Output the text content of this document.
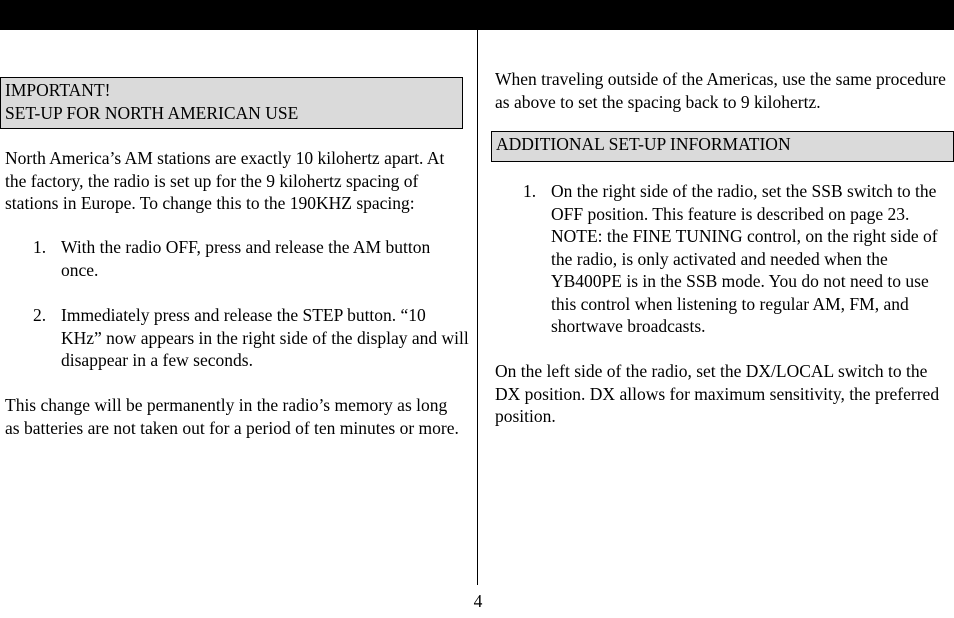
IMPORTANT!
SET-UP FOR NORTH AMERICAN USE

North America’s AM stations are exactly 10 kilohertz apart. At the factory, the radio is set up for the 9 kilohertz spacing of stations in Europe. To change this to the 190KHZ spacing:

1. With the radio OFF, press and release the AM button once.

2. Immediately press and release the STEP button. “10 KHz” now appears in the right side of the display and will disappear in a few seconds.

This change will be permanently in the radio’s memory as long as batteries are not taken out for a period of ten minutes or more.

When traveling outside of the Americas, use the same procedure as above to set the spacing back to 9 kilohertz.

ADDITIONAL SET-UP INFORMATION
1. On the right side of the radio, set the SSB switch to the OFF position. This feature is described on page 23. NOTE: the FINE TUNING control, on the right side of the radio, is only activated and needed when the YB400PE is in the SSB mode. You do not need to use this control when listening to regular AM, FM, and shortwave broadcasts.

On the left side of the radio, set the DX/LOCAL switch to the DX position. DX allows for maximum sensitivity, the preferred position.

4
